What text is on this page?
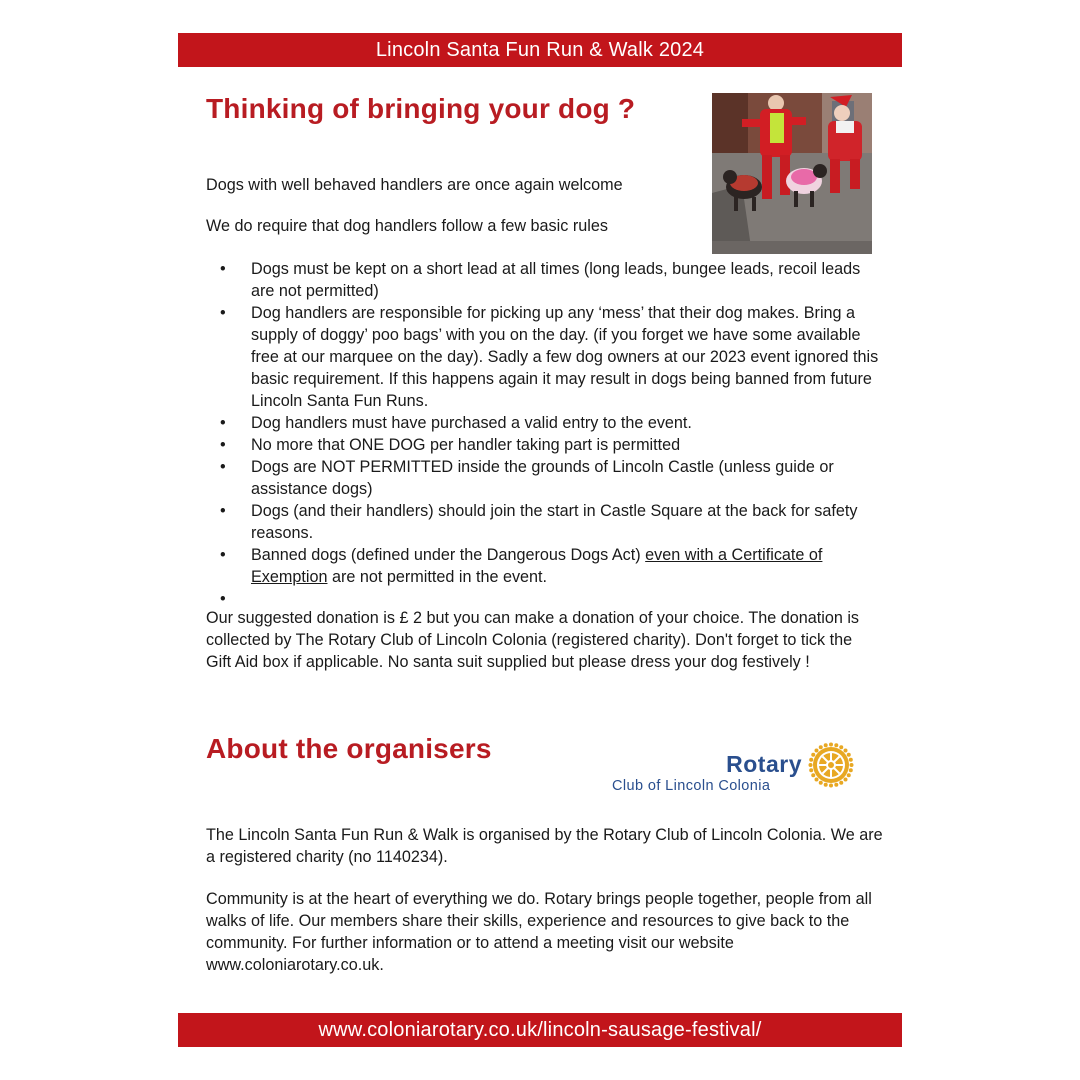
Lincoln Santa Fun Run & Walk 2024
Thinking of bringing your dog ?

Dogs with well behaved handlers are once again welcome

We do require that dog handlers follow a few basic rules

• Dogs must be kept on a short lead at all times (long leads, bungee leads, recoil leads are not permitted)
• Dog handlers are responsible for picking up any ‘mess’ that their dog makes. Bring a supply of doggy’ poo bags’ with you on the day. (if you forget we have some available free at our marquee on the day). Sadly a few dog owners at our 2023 event ignored this basic requirement. If this happens again it may result in dogs being banned from future Lincoln Santa Fun Runs.
• Dog handlers must have purchased a valid entry to the event.
• No more that ONE DOG per handler taking part is permitted
• Dogs are NOT PERMITTED inside the grounds of Lincoln Castle (unless guide or assistance dogs)
• Dogs (and their handlers) should join the start in Castle Square at the back for safety reasons.
• Banned dogs (defined under the Dangerous Dogs Act) even with a Certificate of Exemption are not permitted in the event.
•

Our suggested donation is £ 2 but you can make a donation of your choice. The donation is collected by The Rotary Club of Lincoln Colonia (registered charity). Don't forget to tick the Gift Aid box if applicable. No santa suit supplied but please dress your dog festively !

About the organisers	Rotary
Club of Lincoln Colonia

The Lincoln Santa Fun Run & Walk is organised by the Rotary Club of Lincoln Colonia. We are a registered charity (no 1140234).

Community is at the heart of everything we do. Rotary brings people together, people from all walks of life. Our members share their skills, experience and resources to give back to the community. For further information or to attend a meeting visit our website www.coloniarotary.co.uk.

www.coloniarotary.co.uk/lincoln-sausage-festival/
